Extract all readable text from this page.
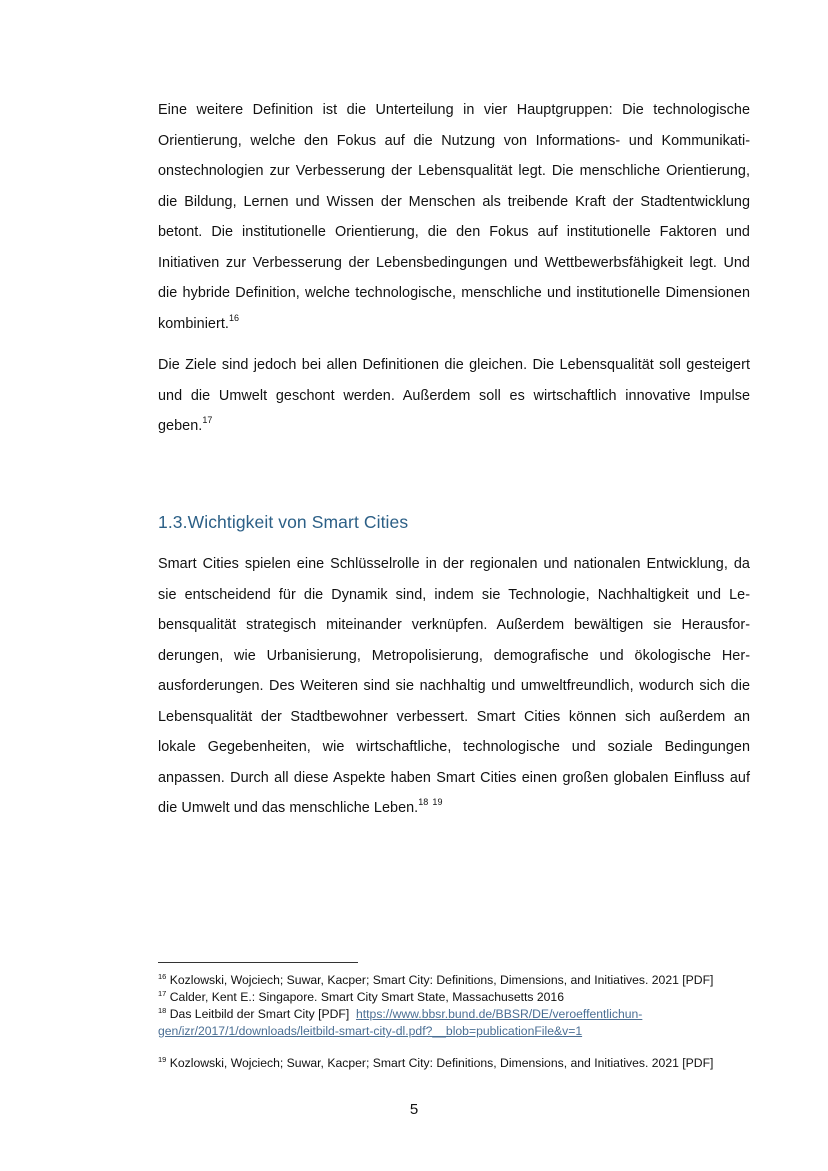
Eine weitere Definition ist die Unterteilung in vier Hauptgruppen: Die technologische Orientierung, welche den Fokus auf die Nutzung von Informations- und Kommunikationstechnologien zur Verbesserung der Lebensqualität legt. Die menschliche Orientierung, die Bildung, Lernen und Wissen der Menschen als treibende Kraft der Stadtentwicklung betont. Die institutionelle Orientierung, die den Fokus auf institutionelle Faktoren und Initiativen zur Verbesserung der Lebensbedingungen und Wettbewerbsfähigkeit legt. Und die hybride Definition, welche technologische, menschliche und institutionelle Dimensionen kombiniert.$^{16}$
Die Ziele sind jedoch bei allen Definitionen die gleichen. Die Lebensqualität soll gesteigert und die Umwelt geschont werden. Außerdem soll es wirtschaftlich innovative Impulse geben.$^{17}$
1.3.Wichtigkeit von Smart Cities
Smart Cities spielen eine Schlüsselrolle in der regionalen und nationalen Entwicklung, da sie entscheidend für die Dynamik sind, indem sie Technologie, Nachhaltigkeit und Lebensqualität strategisch miteinander verknüpfen. Außerdem bewältigen sie Herausforderungen, wie Urbanisierung, Metropolisierung, demografische und ökologische Herausforderungen. Des Weiteren sind sie nachhaltig und umweltfreundlich, wodurch sich die Lebensqualität der Stadtbewohner verbessert. Smart Cities können sich außerdem an lokale Gegebenheiten, wie wirtschaftliche, technologische und soziale Bedingungen anpassen. Durch all diese Aspekte haben Smart Cities einen großen globalen Einfluss auf die Umwelt und das menschliche Leben.$^{18}$ $^{19}$

$^{16}$ Kozlowski, Wojciech; Suwar, Kacper; Smart City: Definitions, Dimensions, and Initiatives. 2021 [PDF]

$^{17}$ Calder, Kent E.: Singapore. Smart City Smart State, Massachusetts 2016

$^{18}$ Das Leitbild der Smart City [PDF] https://www.bbsr.bund.de/BBSR/DE/veroeffentlichun-

gen/izr/2017/1/downloads/leitbild-smart-city-dl.pdf?__blob=publicationFile&v=1

$^{19}$ Kozlowski, Wojciech; Suwar, Kacper; Smart City: Definitions, Dimensions, and Initiatives. 2021 [PDF]

5
